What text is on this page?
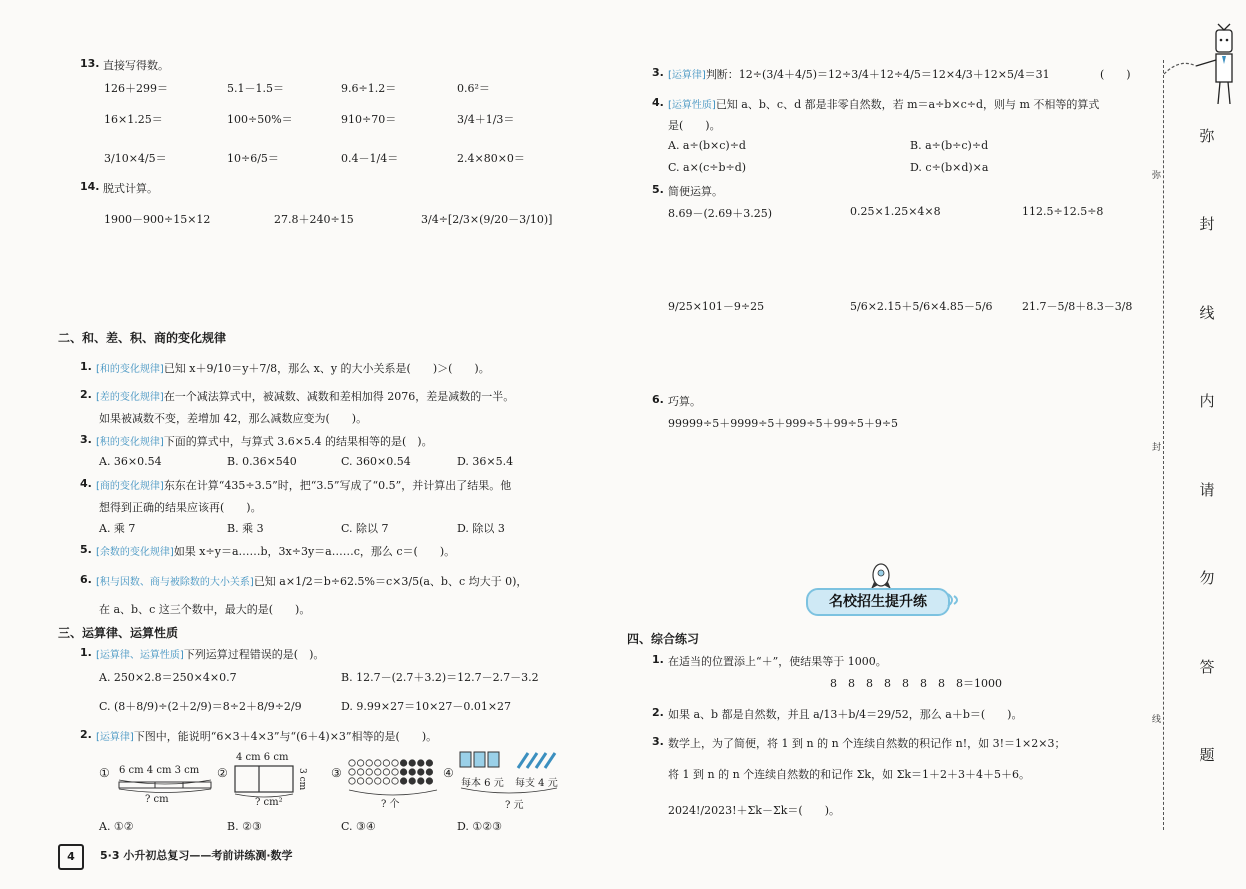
13. 直接写得数。
126＋299＝	5.1－1.5＝	9.6÷1.2＝	0.6²＝
16×1.25＝	100÷50%＝	910÷70＝	3/4＋1/3＝
3/10×4/5＝	10÷6/5＝	0.4－1/4＝	2.4×80×0＝
14. 脱式计算。
1900－900÷15×12	27.8＋240÷15	3/4÷[2/3×(9/20－3/10)]
二、和、差、积、商的变化规律
1. [和的变化规律]已知 x＋9/10＝y＋7/8，那么 x、y 的大小关系是(　　)＞(　　)。
2. [差的变化规律]在一个减法算式中，被减数、减数和差相加得 2076，差是减数的一半。
如果被减数不变，差增加 42，那么减数应变为(　　)。
3. [积的变化规律]下面的算式中，与算式 3.6×5.4 的结果相等的是(　)。
A. 36×0.54	B. 0.36×540	C. 360×0.54	D. 36×5.4
4. [商的变化规律]东东在计算“435÷3.5”时，把“3.5”写成了“0.5”，并计算出了结果。他
想得到正确的结果应该再(　　)。
A. 乘 7	B. 乘 3	C. 除以 7	D. 除以 3
5. [余数的变化规律]如果 x÷y＝a……b，3x÷3y＝a……c，那么 c＝(　　)。
6. [积与因数、商与被除数的大小关系]已知 a×1/2＝b÷62.5%＝c×3/5(a、b、c 均大于 0)，
在 a、b、c 这三个数中，最大的是(　　)。
三、运算律、运算性质
1. [运算律、运算性质]下列运算过程错误的是(　)。
A. 250×2.8＝250×4×0.7	B. 12.7－(2.7＋3.2)＝12.7－2.7－3.2
C. (8＋8/9)÷(2＋2/9)＝8÷2＋8/9÷2/9	D. 9.99×27＝10×27－0.01×27
2. [运算律]下图中，能说明“6×3＋4×3”与“(6＋4)×3”相等的是(　　)。
① 6 cm 4 cm 3 cm
? cm
②
4 cm 6 cm
3 cm
? cm²
③
? 个
④
每本 6 元 每支 4 元
? 元
A. ①②	B. ②③	C. ③④	D. ①②③
4	5·3 小升初总复习——考前讲练测·数学
3. [运算律]判断：12÷(3/4＋4/5)＝12÷3/4＋12÷4/5＝12×4/3＋12×5/4＝31	(　　)
4. [运算性质]已知 a、b、c、d 都是非零自然数，若 m＝a÷b×c÷d，则与 m 不相等的算式
是(　　)。
A. a÷(b×c)÷d	B. a÷(b÷c)÷d
C. a×(c÷b÷d)	D. c÷(b×d)×a
5. 简便运算。
8.69－(2.69＋3.25)	0.25×1.25×4×8	112.5÷12.5÷8
9/25×101－9÷25	5/6×2.15＋5/6×4.85－5/6	21.7－5/8＋8.3－3/8
6. 巧算。
99999÷5＋9999÷5＋999÷5＋99÷5＋9÷5
名校招生提升练
四、综合练习
1. 在适当的位置添上“＋”，使结果等于 1000。
8　8　8　8　8　8　8　8＝1000
2. 如果 a、b 都是自然数，并且 a/13＋b/4＝29/52，那么 a＋b＝(　　)。
3. 数学上，为了简便，将 1 到 n 的 n 个连续自然数的积记作 n!，如 3!＝1×2×3；
将 1 到 n 的 n 个连续自然数的和记作 Σk，如 Σk＝1＋2＋3＋4＋5＋6。
2024!/2023!＋Σk－Σk＝(　　)。
弥
封
线
弥
封
线
内
请
勿
答
题
